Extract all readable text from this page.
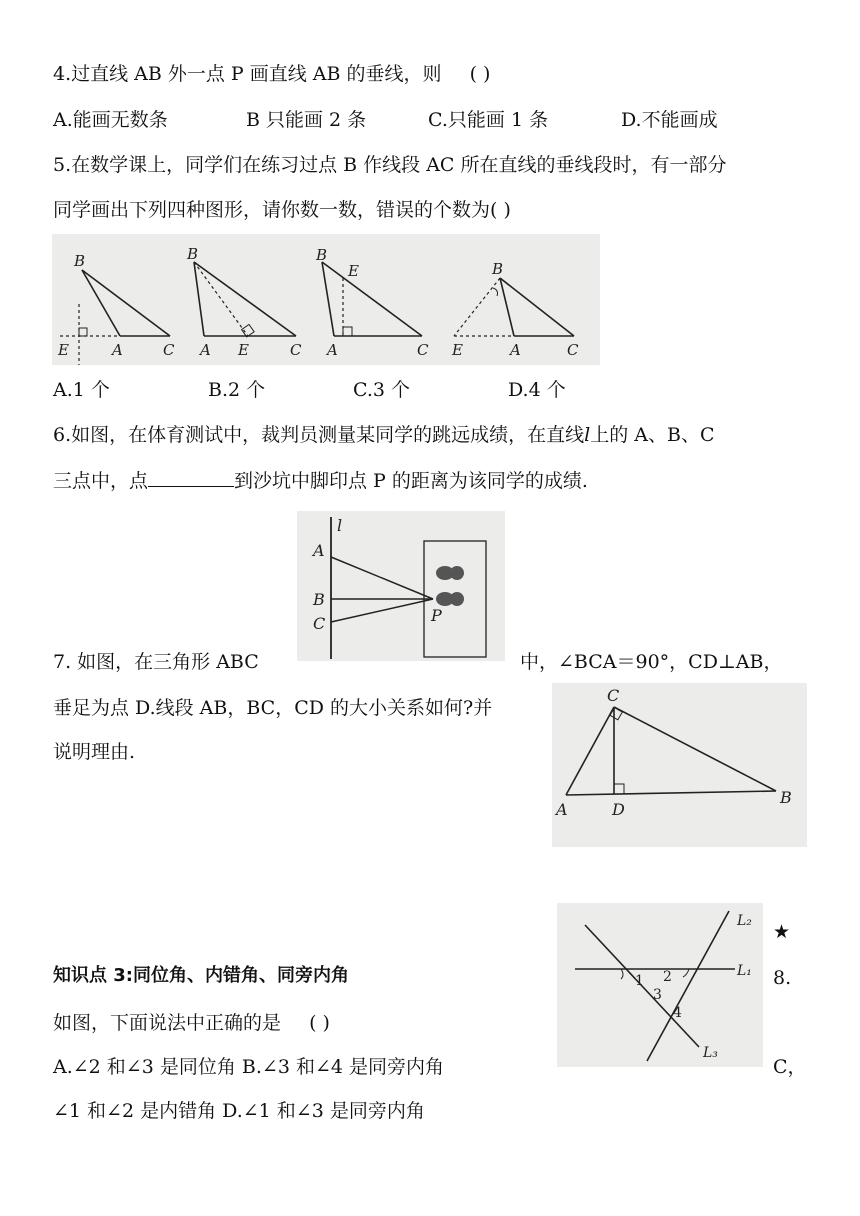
4.过直线 AB 外一点 P 画直线 AB 的垂线，则 ( )
A.能画无数条	B 只能画 2 条	C.只能画 1 条	D.不能画成
5.在数学课上，同学们在练习过点 B 作线段 AC 所在直线的垂线段时，有一部分
同学画出下列四种图形，请你数一数，错误的个数为( )
B
E	A	C
B
A E	C
B
E
A	C
B
E	A	C
A.1 个	B.2 个	C.3 个	D.4 个
6.如图，在体育测试中，裁判员测量某同学的跳远成绩，在直线l上的 A、B、C
三点中，点	到沙坑中脚印点 P 的距离为该同学的成绩.
l
A
B
C	P
7. 如图，在三角形 ABC	中，∠BCA＝90°，CD⊥AB，
垂足为点 D.线段 AB，BC，CD 的大小关系如何?并
说明理由.
C
A	D
B
L₂
L₁
L₃
1 2
3
4
★
知识点 3:同位角、内错角、同旁内角	8.
如图，下面说法中正确的是 ( )
A.∠2 和∠3 是同位角 B.∠3 和∠4 是同旁内角	C，
∠1 和∠2 是内错角 D.∠1 和∠3 是同旁内角
